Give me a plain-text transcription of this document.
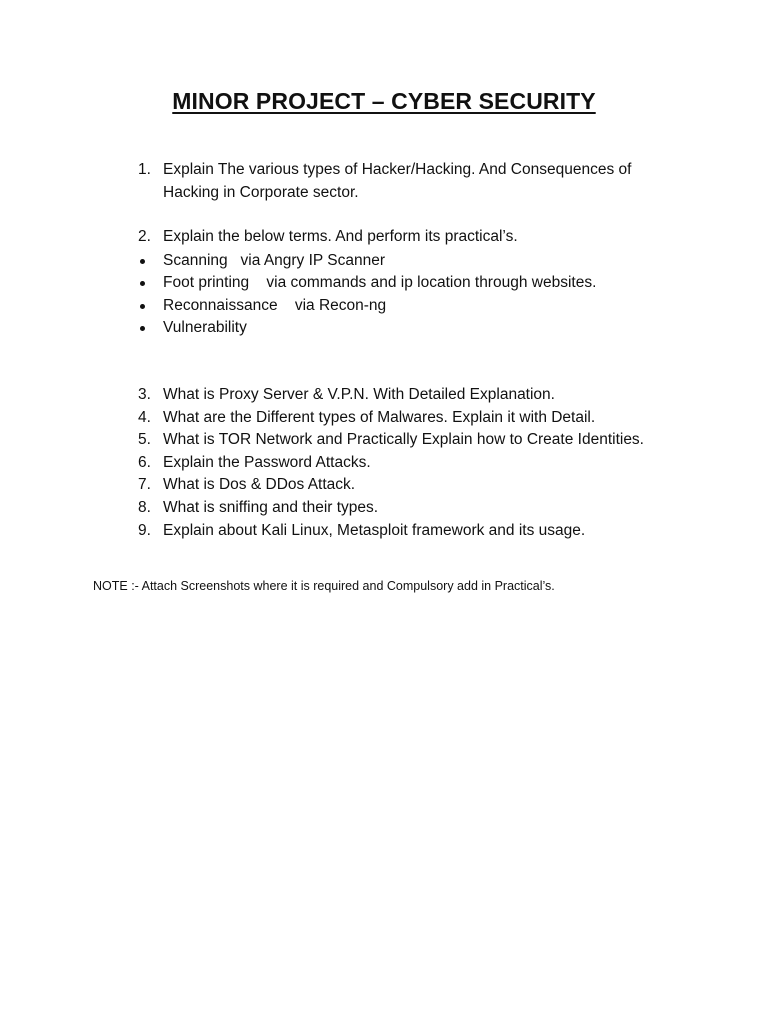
MINOR PROJECT – CYBER SECURITY
1. Explain The various types of Hacker/Hacking. And Consequences of
Hacking in Corporate sector.
2. Explain the below terms. And perform its practical’s.
Scanning   via Angry IP Scanner
Foot printing    via commands and ip location through websites.
Reconnaissance    via Recon-ng
Vulnerability
3. What is Proxy Server & V.P.N. With Detailed Explanation.
4. What are the Different types of Malwares. Explain it with Detail.
5. What is TOR Network and Practically Explain how to Create Identities.
6. Explain the Password Attacks.
7. What is Dos & DDos Attack.
8. What is sniffing and their types.
9. Explain about Kali Linux, Metasploit framework and its usage.
NOTE :- Attach Screenshots where it is required and Compulsory add in Practical’s.
